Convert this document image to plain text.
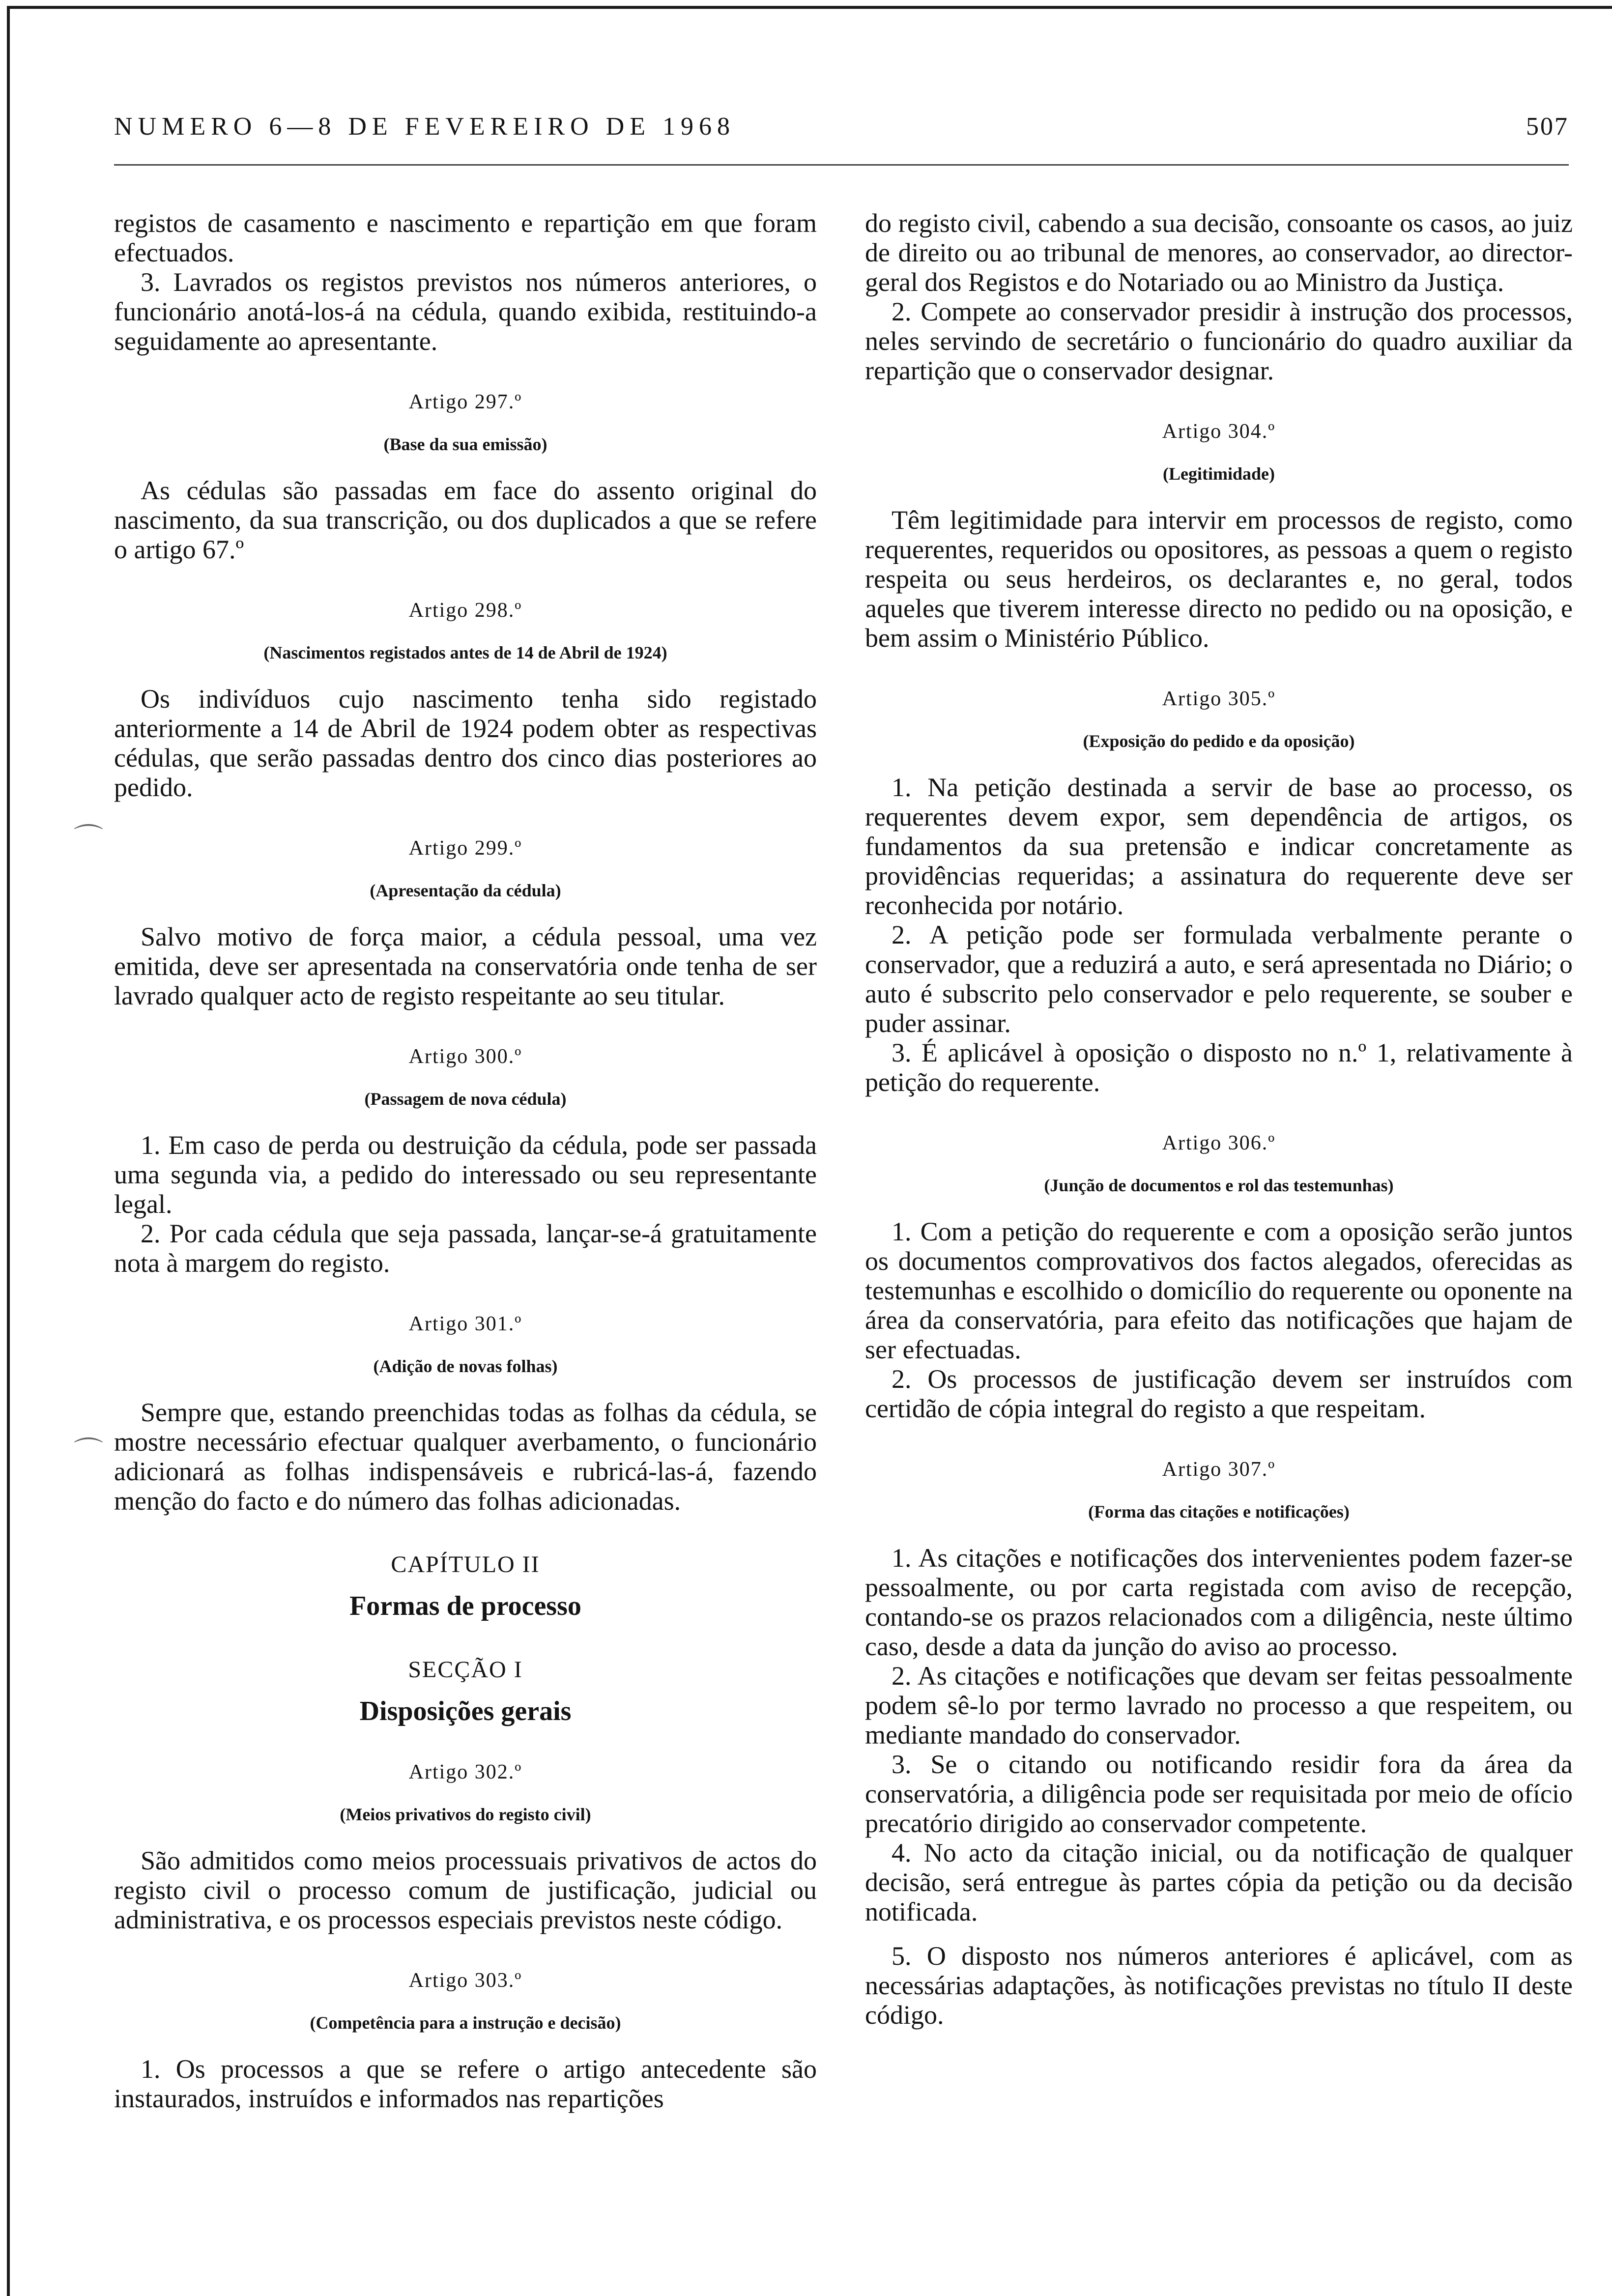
NUMERO 6—8 DE FEVEREIRO DE 1968	507
registos de casamento e nascimento e repartição em que foram efectuados.
3. Lavrados os registos previstos nos números anteriores, o funcionário anotá-los-á na cédula, quando exibida, restituindo-a seguidamente ao apresentante.
Artigo 297.º
(Base da sua emissão)
As cédulas são passadas em face do assento original do nascimento, da sua transcrição, ou dos duplicados a que se refere o artigo 67.º
Artigo 298.º
(Nascimentos registados antes de 14 de Abril de 1924)
Os indivíduos cujo nascimento tenha sido registado anteriormente a 14 de Abril de 1924 podem obter as respectivas cédulas, que serão passadas dentro dos cinco dias posteriores ao pedido.
Artigo 299.º
(Apresentação da cédula)
Salvo motivo de força maior, a cédula pessoal, uma vez emitida, deve ser apresentada na conservatória onde tenha de ser lavrado qualquer acto de registo respeitante ao seu titular.
Artigo 300.º
(Passagem de nova cédula)
1. Em caso de perda ou destruição da cédula, pode ser passada uma segunda via, a pedido do interessado ou seu representante legal.
2. Por cada cédula que seja passada, lançar-se-á gratuitamente nota à margem do registo.
Artigo 301.º
(Adição de novas folhas)
Sempre que, estando preenchidas todas as folhas da cédula, se mostre necessário efectuar qualquer averbamento, o funcionário adicionará as folhas indispensáveis e rubricá-las-á, fazendo menção do facto e do número das folhas adicionadas.
CAPÍTULO II
Formas de processo
SECÇÃO I
Disposições gerais
Artigo 302.º
(Meios privativos do registo civil)
São admitidos como meios processuais privativos de actos do registo civil o processo comum de justificação, judicial ou administrativa, e os processos especiais previstos neste código.
Artigo 303.º
(Competência para a instrução e decisão)
1. Os processos a que se refere o artigo antecedente são instaurados, instruídos e informados nas repartições
do registo civil, cabendo a sua decisão, consoante os casos, ao juiz de direito ou ao tribunal de menores, ao conservador, ao director-geral dos Registos e do Notariado ou ao Ministro da Justiça.
2. Compete ao conservador presidir à instrução dos processos, neles servindo de secretário o funcionário do quadro auxiliar da repartição que o conservador designar.
Artigo 304.º
(Legitimidade)
Têm legitimidade para intervir em processos de registo, como requerentes, requeridos ou opositores, as pessoas a quem o registo respeita ou seus herdeiros, os declarantes e, no geral, todos aqueles que tiverem interesse directo no pedido ou na oposição, e bem assim o Ministério Público.
Artigo 305.º
(Exposição do pedido e da oposição)
1. Na petição destinada a servir de base ao processo, os requerentes devem expor, sem dependência de artigos, os fundamentos da sua pretensão e indicar concretamente as providências requeridas; a assinatura do requerente deve ser reconhecida por notário.
2. A petição pode ser formulada verbalmente perante o conservador, que a reduzirá a auto, e será apresentada no Diário; o auto é subscrito pelo conservador e pelo requerente, se souber e puder assinar.
3. É aplicável à oposição o disposto no n.º 1, relativamente à petição do requerente.
Artigo 306.º
(Junção de documentos e rol das testemunhas)
1. Com a petição do requerente e com a oposição serão juntos os documentos comprovativos dos factos alegados, oferecidas as testemunhas e escolhido o domicílio do requerente ou oponente na área da conservatória, para efeito das notificações que hajam de ser efectuadas.
2. Os processos de justificação devem ser instruídos com certidão de cópia integral do registo a que respeitam.
Artigo 307.º
(Forma das citações e notificações)
1. As citações e notificações dos intervenientes podem fazer-se pessoalmente, ou por carta registada com aviso de recepção, contando-se os prazos relacionados com a diligência, neste último caso, desde a data da junção do aviso ao processo.
2. As citações e notificações que devam ser feitas pessoalmente podem sê-lo por termo lavrado no processo a que respeitem, ou mediante mandado do conservador.
3. Se o citando ou notificando residir fora da área da conservatória, a diligência pode ser requisitada por meio de ofício precatório dirigido ao conservador competente.
4. No acto da citação inicial, ou da notificação de qualquer decisão, será entregue às partes cópia da petição ou da decisão notificada.
5. O disposto nos números anteriores é aplicável, com as necessárias adaptações, às notificações previstas no título II deste código.
⌒
⌒
